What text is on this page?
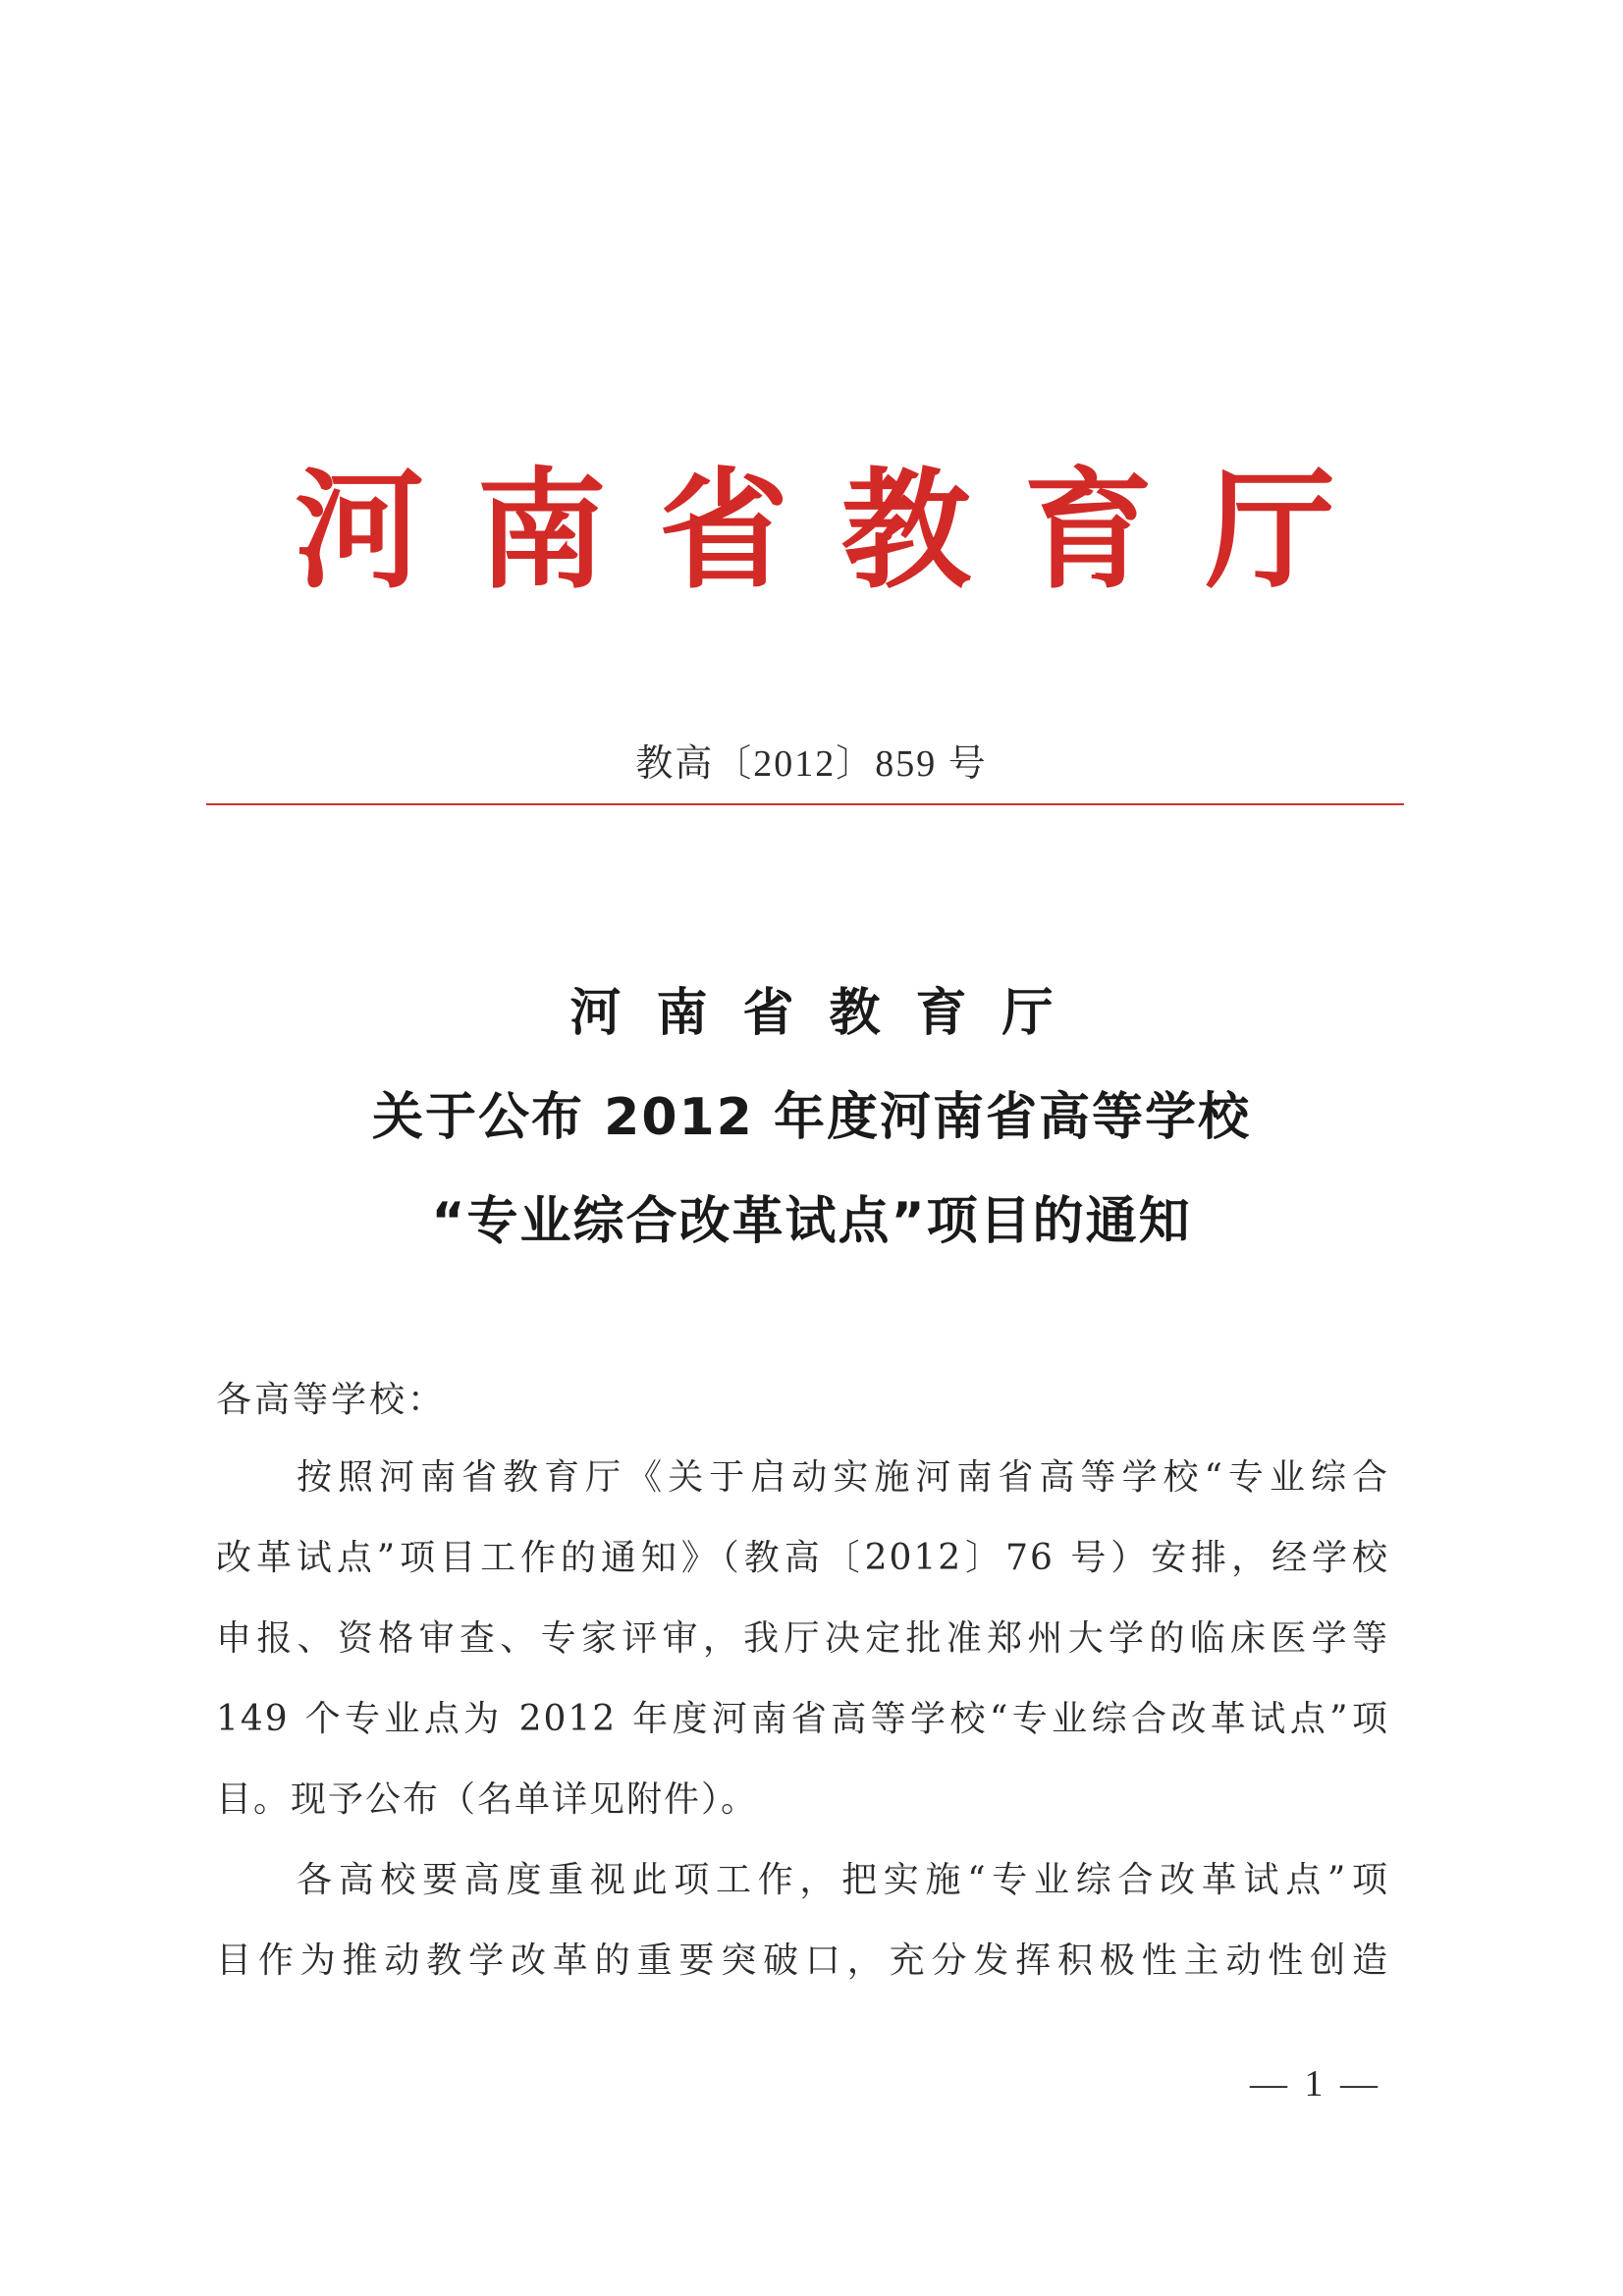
河 南 省 教 育 厅
教高〔2012〕859 号
河南省教育厅
关于公布 2012 年度河南省高等学校
“专业综合改革试点”项目的通知
各高等学校：
按照河南省教育厅《关于启动实施河南省高等学校“专业综合
改革试点”项目工作的通知》（教高〔2012〕76 号）安排，经学校
申报、资格审查、专家评审，我厅决定批准郑州大学的临床医学等
149 个专业点为 2012 年度河南省高等学校“专业综合改革试点”项
目。现予公布（名单详见附件）。
各高校要高度重视此项工作，把实施“专业综合改革试点”项
目作为推动教学改革的重要突破口，充分发挥积极性主动性创造
— 1 —
